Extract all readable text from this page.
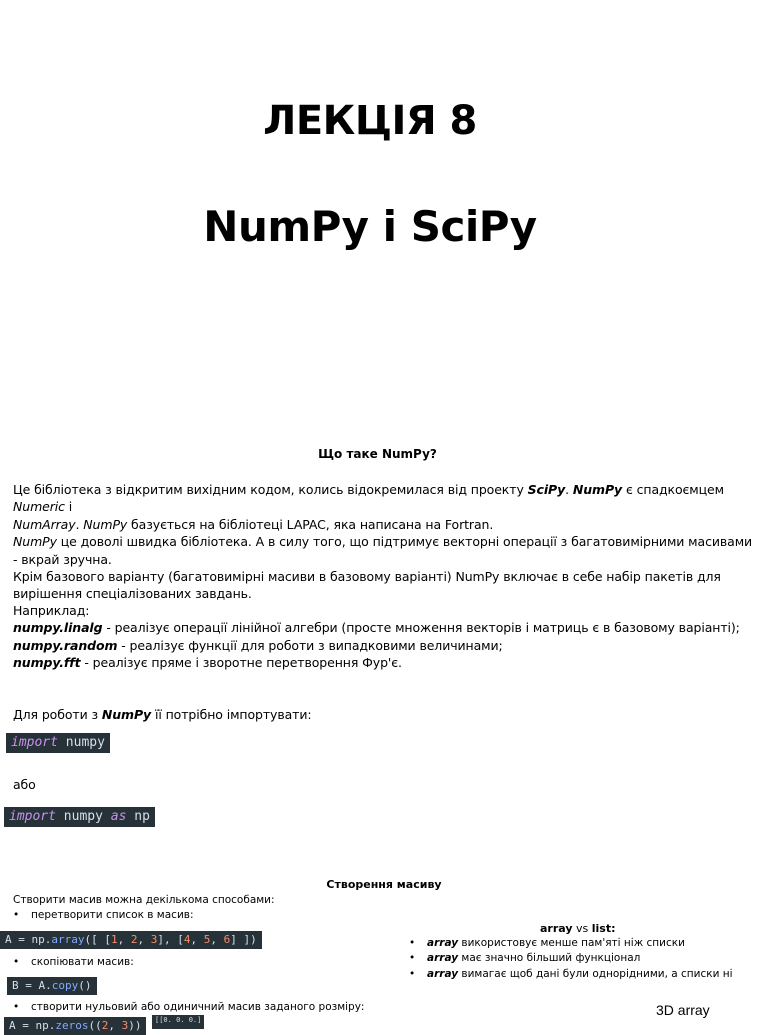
ЛЕКЦІЯ 8
NumPy і SciPy
Що таке NumPy?
Це бібліотека з відкритим вихідним кодом, колись відокремилася від проекту SciPy. NumPy є спадкоємцем Numeric і
NumArray. NumPy базується на бібліотеці LAPAC, яка написана на Fortran.
NumPy це доволі швидка бібліотека. А в силу того, що підтримує векторні операції з багатовимірними масивами - вкрай зручна.
Крім базового варіанту (багатовимірні масиви в базовому варіанті) NumPy включає в себе набір пакетів для вирішення спеціалізованих завдань.
Наприклад:
numpy.linalg - реалізує операції лінійної алгебри (просте множення векторів і матриць є в базовому варіанті);
numpy.random - реалізує функції для роботи з випадковими величинами;
numpy.fft - реалізує пряме і зворотне перетворення Фур'є.
Для роботи з NumPy її потрібно імпортувати:
import numpy
або
import numpy as np
Створення масиву
Створити масив можна декількома способами:
• перетворити список в масив:
A = np.array([ [1, 2, 3], [4, 5, 6] ])
• скопіювати масив:
B = A.copy()
• створити нульовий або одиничний масив заданого розміру:
A = np.zeros((2, 3))	[[0. 0. 0.]
array vs list:
• array використовує менше пам'яті ніж списки
• array має значно більший функціонал
• array вимагає щоб дані були однорідними, а списки ні
3D array
